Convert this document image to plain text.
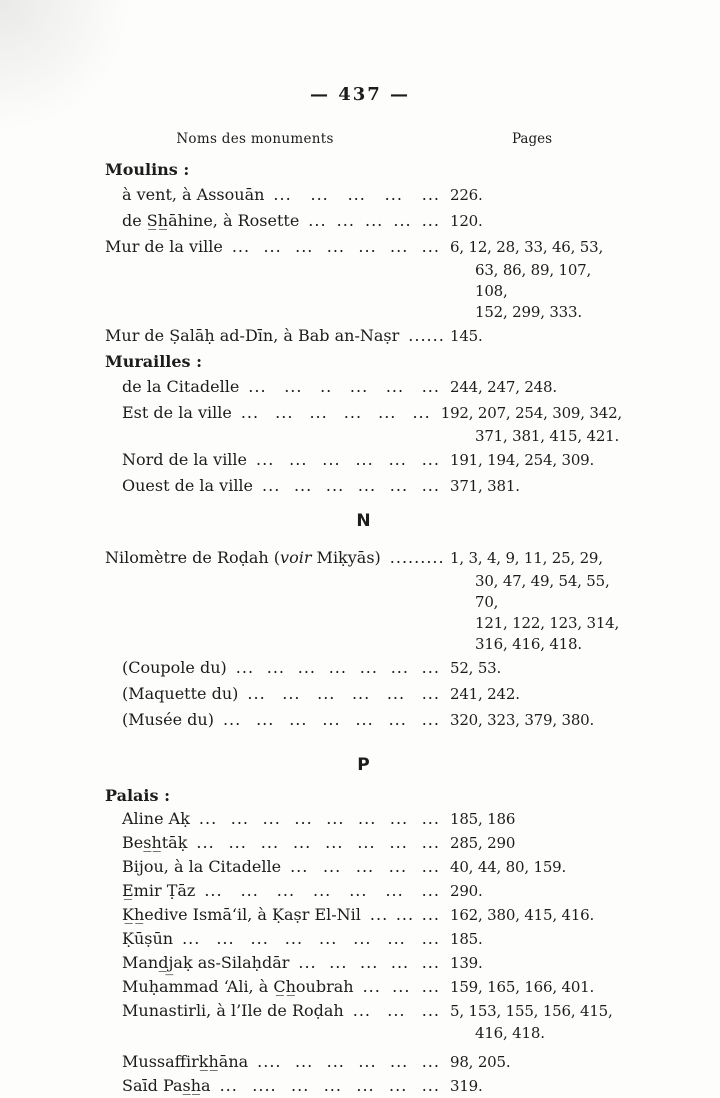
— 437 —
Noms des monuments	Pages
Moulins :
à vent, à Assouān ... ... ... ... ... 226.
de S̲h̲āhine, à Rosette ... ... ... ... ... 120.
Mur de la ville ... ... ... ... ... ... ... 6, 12, 28, 33, 46, 53,
63, 86, 89, 107, 108,
152, 299, 333.
Mur de Ṣalāḥ ad-Dīn, à Bab an-Naṣr ... ... 145.
Murailles :
de la Citadelle ... ... .. ... ... ... 244, 247, 248.
Est de la ville ... ... ... ... ... ... 192, 207, 254, 309, 342,
371, 381, 415, 421.
Nord de la ville ... ... ... ... ... ... 191, 194, 254, 309.
Ouest de la ville ... ... ... ... ... ... 371, 381.
N
Nilomètre de Roḍah (voir Miḳyās) ... ... ... 1, 3, 4, 9, 11, 25, 29,
30, 47, 49, 54, 55, 70,
121, 122, 123, 314,
316, 416, 418.
(Coupole du) ... ... ... ... ... ... ... 52, 53.
(Maquette du) ... ... ... ... ... ... 241, 242.
(Musée du) ... ... ... ... ... ... ... 320, 323, 379, 380.
P
Palais :
Aline Aḳ ... ... ... ... ... ... ... ... 185, 186
Bes̲h̲tāḳ ... ... ... ... ... ... ... ... 285, 290
Bijou, à la Citadelle ... ... ... ... ... 40, 44, 80, 159.
E̲mir Ṭāz ... ... ... ... ... ... ... 290.
K̲h̲edive Ismā‘il, à Ḳaṣr El-Nil ... ... ... 162, 380, 415, 416.
Ḳūṣūn ... ... ... ... ... ... ... ... 185.
Mand̲j̲aḳ as-Silaḥdār ... ... ... ... ... 139.
Muḥammad ‘Ali, à C̲h̲oubrah ... ... ... 159, 165, 166, 401.
Munastirli, à l’Ile de Roḍah ... ... ... 5, 153, 155, 156, 415,
416, 418.
Mussaffirk̲h̲āna .... ... ... ... ... ... 98, 205.
Saīd Pas̲h̲a ... .... ... ... ... ... ... 319.
